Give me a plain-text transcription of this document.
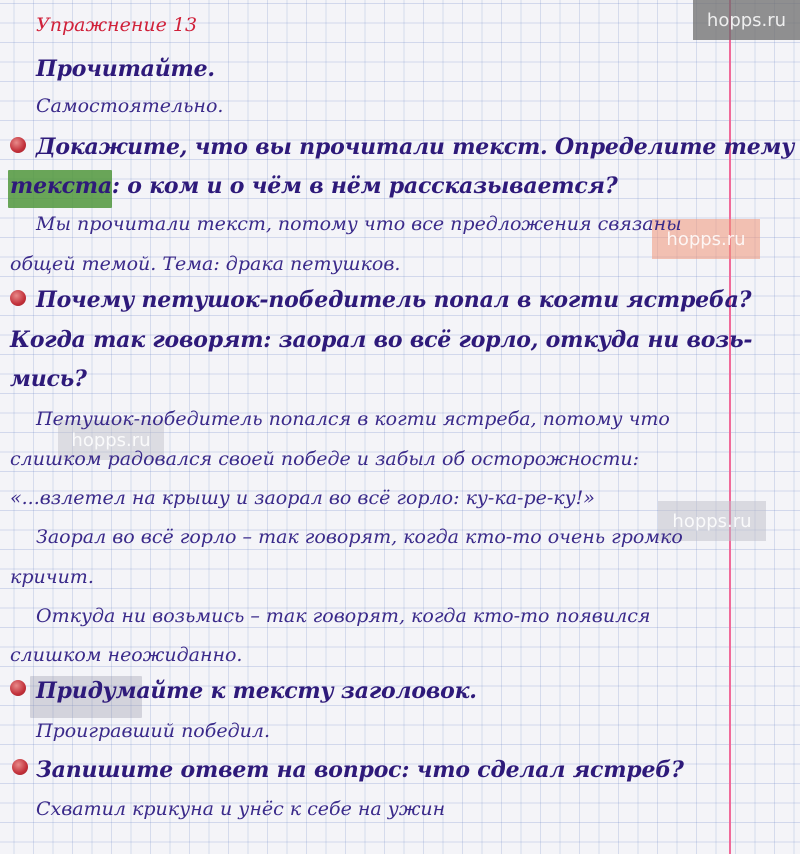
hopps.ru
hopps.ru
hopps.ru
hopps.ru
Упражнение 13
Прочитайте.
Самостоятельно.
Докажите, что вы прочитали текст. Определите тему
текста: о ком и о чём в нём рассказывается?
Мы прочитали текст, потому что все предложения связаны
общей темой. Тема: драка петушков.
Почему петушок-победитель попал в когти ястреба?
Когда так говорят: заорал во всё горло, откуда ни возь-
мись?
Петушок-победитель попался в когти ястреба, потому что
слишком радовался своей победе и забыл об осторожности:
«...взлетел на крышу и заорал во всё горло: ку-ка-ре-ку!»
Заорал во всё горло – так говорят, когда кто-то очень громко
кричит.
Откуда ни возьмись – так говорят, когда кто-то появился
слишком неожиданно.
Придумайте к тексту заголовок.
Проигравший победил.
Запишите ответ на вопрос: что сделал ястреб?
Схватил крикуна и унёс к себе на ужин
